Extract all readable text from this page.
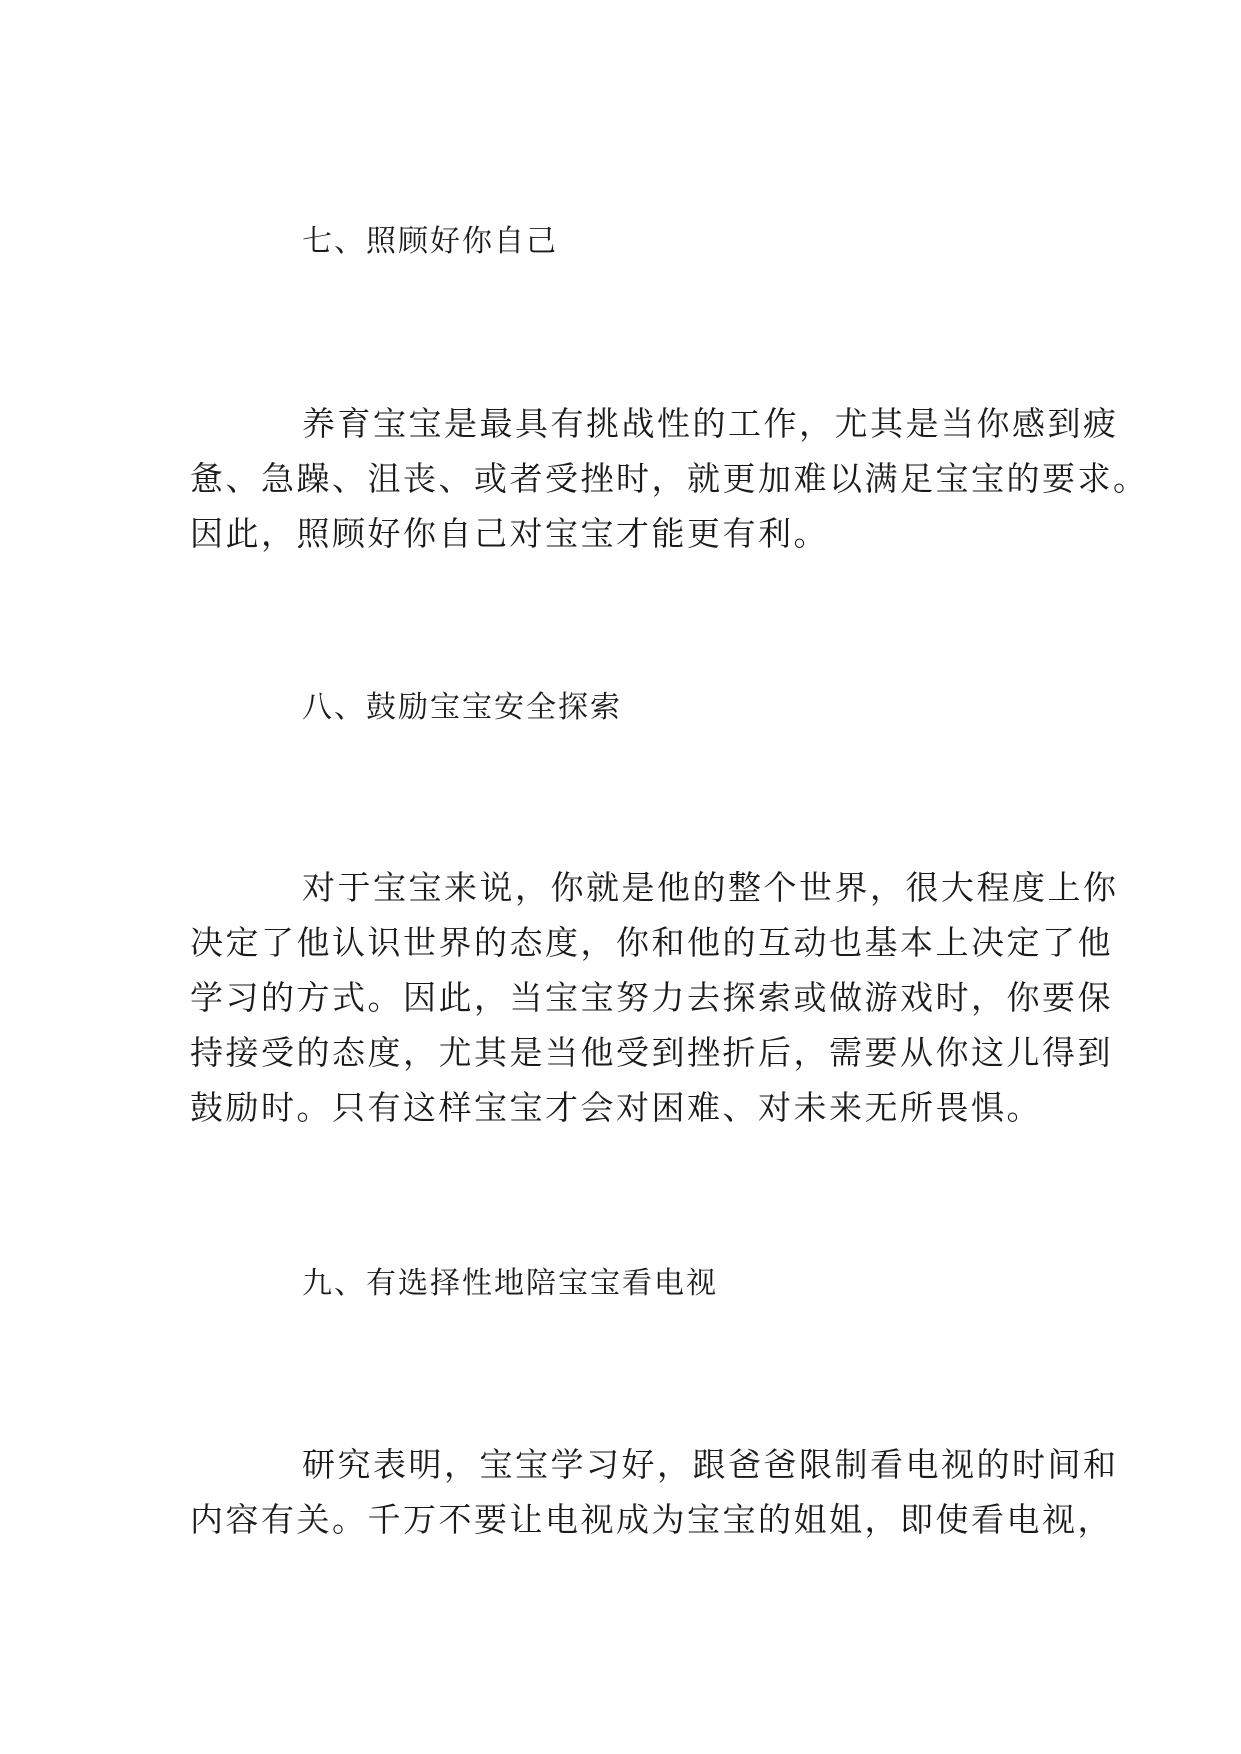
七、照顾好你自己
养育宝宝是最具有挑战性的工作，尤其是当你感到疲
惫、急躁、沮丧、或者受挫时，就更加难以满足宝宝的要求。
因此，照顾好你自己对宝宝才能更有利。
八、鼓励宝宝安全探索
对于宝宝来说，你就是他的整个世界，很大程度上你
决定了他认识世界的态度，你和他的互动也基本上决定了他
学习的方式。因此，当宝宝努力去探索或做游戏时，你要保
持接受的态度，尤其是当他受到挫折后，需要从你这儿得到
鼓励时。只有这样宝宝才会对困难、对未来无所畏惧。
九、有选择性地陪宝宝看电视
研究表明，宝宝学习好，跟爸爸限制看电视的时间和
内容有关。千万不要让电视成为宝宝的姐姐，即使看电视，
